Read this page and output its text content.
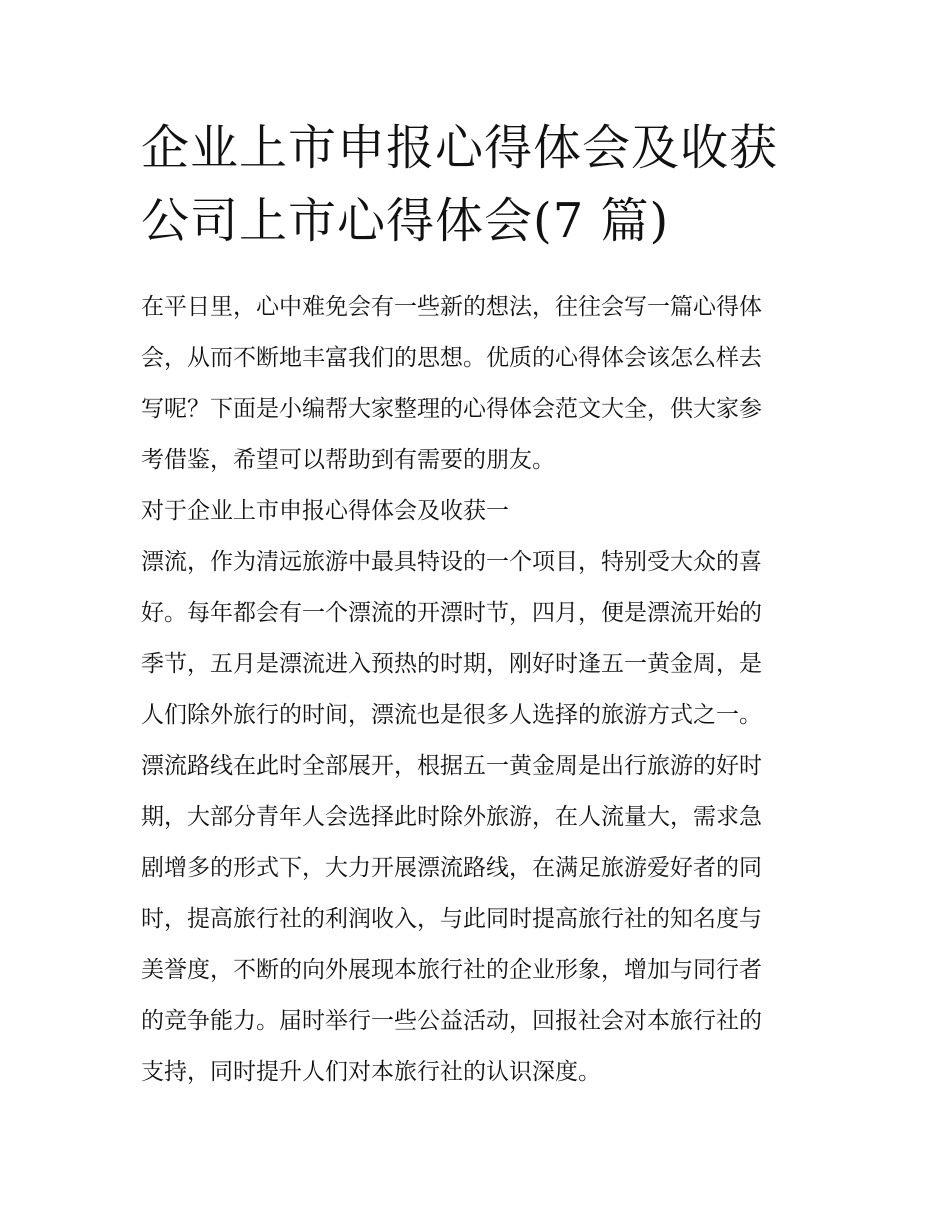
企业上市申报心得体会及收获
公司上市心得体会(7 篇)
在平日里，心中难免会有一些新的想法，往往会写一篇心得体
会，从而不断地丰富我们的思想。优质的心得体会该怎么样去
写呢？下面是小编帮大家整理的心得体会范文大全，供大家参
考借鉴，希望可以帮助到有需要的朋友。
对于企业上市申报心得体会及收获一
漂流，作为清远旅游中最具特设的一个项目，特别受大众的喜
好。每年都会有一个漂流的开漂时节，四月，便是漂流开始的
季节，五月是漂流进入预热的时期，刚好时逢五一黄金周，是
人们除外旅行的时间，漂流也是很多人选择的旅游方式之一。
漂流路线在此时全部展开，根据五一黄金周是出行旅游的好时
期，大部分青年人会选择此时除外旅游，在人流量大，需求急
剧增多的形式下，大力开展漂流路线，在满足旅游爱好者的同
时，提高旅行社的利润收入，与此同时提高旅行社的知名度与
美誉度，不断的向外展现本旅行社的企业形象，增加与同行者
的竞争能力。届时举行一些公益活动，回报社会对本旅行社的
支持，同时提升人们对本旅行社的认识深度。
